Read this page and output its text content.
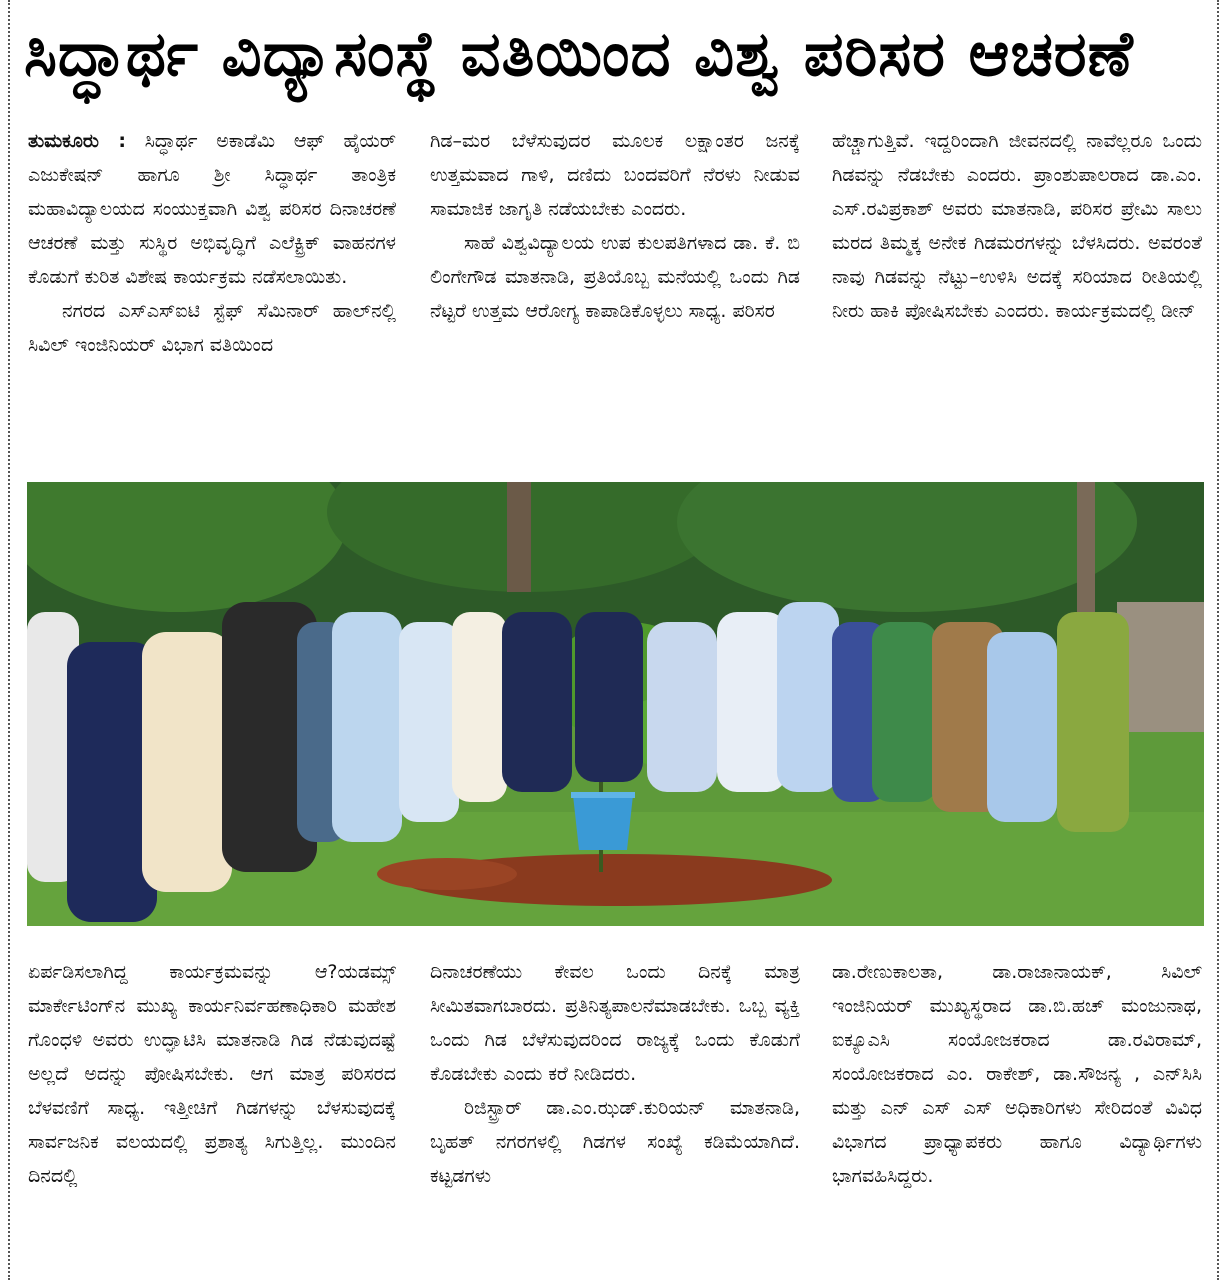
ಸಿದ್ಧಾರ್ಥ ವಿದ್ಯಾಸಂಸ್ಥೆ ವತಿಯಿಂದ ವಿಶ್ವ ಪರಿಸರ ಆಚರಣೆ

ತುಮಕೂರು : ಸಿದ್ಧಾರ್ಥ ಅಕಾಡೆಮಿ ಆಫ್ ಹೈಯರ್ ಎಜುಕೇಷನ್ ಹಾಗೂ ಶ್ರೀ ಸಿದ್ಧಾರ್ಥ ತಾಂತ್ರಿಕ ಮಹಾವಿದ್ಯಾಲಯದ ಸಂಯುಕ್ತವಾಗಿ ವಿಶ್ವ ಪರಿಸರ ದಿನಾಚರಣೆ ಆಚರಣೆ ಮತ್ತು ಸುಸ್ಥಿರ ಅಭಿವೃದ್ಧಿಗೆ ಎಲೆಕ್ಟ್ರಿಕ್ ವಾಹನಗಳ ಕೊಡುಗೆ ಕುರಿತ ವಿಶೇಷ ಕಾರ್ಯಕ್ರಮ ನಡೆಸಲಾಯಿತು.

ನಗರದ ಎಸ್‌ಎಸ್‌ಐಟಿ ಸ್ಟೆಫ್ ಸೆಮಿನಾರ್ ಹಾಲ್‌ನಲ್ಲಿ ಸಿವಿಲ್ ಇಂಜಿನಿಯರ್ ವಿಭಾಗ ವತಿಯಿಂದ

ಗಿಡ–ಮರ ಬೆಳೆಸುವುದರ ಮೂಲಕ ಲಕ್ಷಾಂತರ ಜನಕ್ಕೆ ಉತ್ತಮವಾದ ಗಾಳಿ, ದಣಿದು ಬಂದವರಿಗೆ ನೆರಳು ನೀಡುವ ಸಾಮಾಜಿಕ ಜಾಗೃತಿ ನಡೆಯಬೇಕು ಎಂದರು.

ಸಾಹೆ ವಿಶ್ವವಿದ್ಯಾಲಯ ಉಪ ಕುಲಪತಿಗಳಾದ ಡಾ. ಕೆ. ಬಿ ಲಿಂಗೇಗೌಡ ಮಾತನಾಡಿ, ಪ್ರತಿಯೊಬ್ಬ ಮನೆಯಲ್ಲಿ ಒಂದು ಗಿಡ ನೆಟ್ಟರೆ ಉತ್ತಮ ಆರೋಗ್ಯ ಕಾಪಾಡಿಕೊಳ್ಳಲು ಸಾಧ್ಯ. ಪರಿಸರ

ಹೆಚ್ಚಾಗುತ್ತಿವೆ. ಇದ್ದರಿಂದಾಗಿ ಜೀವನದಲ್ಲಿ ನಾವೆಲ್ಲರೂ ಒಂದು ಗಿಡವನ್ನು ನೆಡಬೇಕು ಎಂದರು. ಪ್ರಾಂಶುಪಾಲರಾದ ಡಾ.ಎಂ. ಎಸ್.ರವಿಪ್ರಕಾಶ್ ಅವರು ಮಾತನಾಡಿ, ಪರಿಸರ ಪ್ರೇಮಿ ಸಾಲು ಮರದ ತಿಮ್ಮಕ್ಕ ಅನೇಕ ಗಿಡಮರಗಳನ್ನು ಬೆಳಸಿದರು. ಅವರಂತೆ ನಾವು ಗಿಡವನ್ನು ನೆಟ್ಟು–ಉಳಿಸಿ ಅದಕ್ಕೆ ಸರಿಯಾದ ರೀತಿಯಲ್ಲಿ ನೀರು ಹಾಕಿ ಪೋಷಿಸಬೇಕು ಎಂದರು. ಕಾರ್ಯಕ್ರಮದಲ್ಲಿ ಡೀನ್

ಏರ್ಪಡಿಸಲಾಗಿದ್ದ ಕಾರ್ಯಕ್ರಮವನ್ನು ಆ?ಯಡಮ್ಸ್ ಮಾರ್ಕೇಟಿಂಗ್‌ನ ಮುಖ್ಯ ಕಾರ್ಯನಿರ್ವಹಣಾಧಿಕಾರಿ ಮಹೇಶ ಗೊಂಧಳಿ ಅವರು ಉದ್ಘಾಟಿಸಿ ಮಾತನಾಡಿ ಗಿಡ ನೆಡುವುದಷ್ಟೆ ಅಲ್ಲದೆ ಅದನ್ನು ಪೋಷಿಸಬೇಕು. ಆಗ ಮಾತ್ರ ಪರಿಸರದ ಬೆಳವಣಿಗೆ ಸಾಧ್ಯ. ಇತ್ತೀಚಿಗೆ ಗಿಡಗಳನ್ನು ಬೆಳಸುವುದಕ್ಕೆ ಸಾರ್ವಜನಿಕ ವಲಯದಲ್ಲಿ ಪ್ರಶಾತ್ಯ ಸಿಗುತ್ತಿಲ್ಲ. ಮುಂದಿನ ದಿನದಲ್ಲಿ

ದಿನಾಚರಣೆಯು ಕೇವಲ ಒಂದು ದಿನಕ್ಕೆ ಮಾತ್ರ ಸೀಮಿತವಾಗಬಾರದು. ಪ್ರತಿನಿತ್ಯಪಾಲನೆಮಾಡಬೇಕು. ಒಬ್ಬ ವ್ಯಕ್ತಿ ಒಂದು ಗಿಡ ಬೆಳೆಸುವುದರಿಂದ ರಾಜ್ಯಕ್ಕೆ ಒಂದು ಕೊಡುಗೆ ಕೊಡಬೇಕು ಎಂದು ಕರೆ ನೀಡಿದರು.

ರಿಜಿಸ್ಟ್ರಾರ್ ಡಾ.ಎಂ.ಝಡ್.ಕುರಿಯನ್ ಮಾತನಾಡಿ, ಬೃಹತ್ ನಗರಗಳಲ್ಲಿ ಗಿಡಗಳ ಸಂಖ್ಯೆ ಕಡಿಮೆಯಾಗಿದೆ. ಕಟ್ಟಡಗಳು

ಡಾ.ರೇಣುಕಾಲತಾ, ಡಾ.ರಾಜಾನಾಯಕ್, ಸಿವಿಲ್ ಇಂಜಿನಿಯರ್ ಮುಖ್ಯಸ್ಥರಾದ ಡಾ.ಬಿ.ಹಚ್ ಮಂಜುನಾಥ, ಐಕ್ಯೂಎಸಿ ಸಂಯೋಜಕರಾದ ಡಾ.ರವಿರಾಮ್, ಸಂಯೋಜಕರಾದ ಎಂ. ರಾಕೇಶ್, ಡಾ.ಸೌಜನ್ಯ , ಎನ್‌ಸಿಸಿ ಮತ್ತು ಎನ್ ಎಸ್ ಎಸ್ ಅಧಿಕಾರಿಗಳು ಸೇರಿದಂತೆ ವಿವಿಧ ವಿಭಾಗದ ಪ್ರಾಧ್ಯಾಪಕರು ಹಾಗೂ ವಿದ್ಯಾರ್ಥಿಗಳು ಭಾಗವಹಿಸಿದ್ದರು.
